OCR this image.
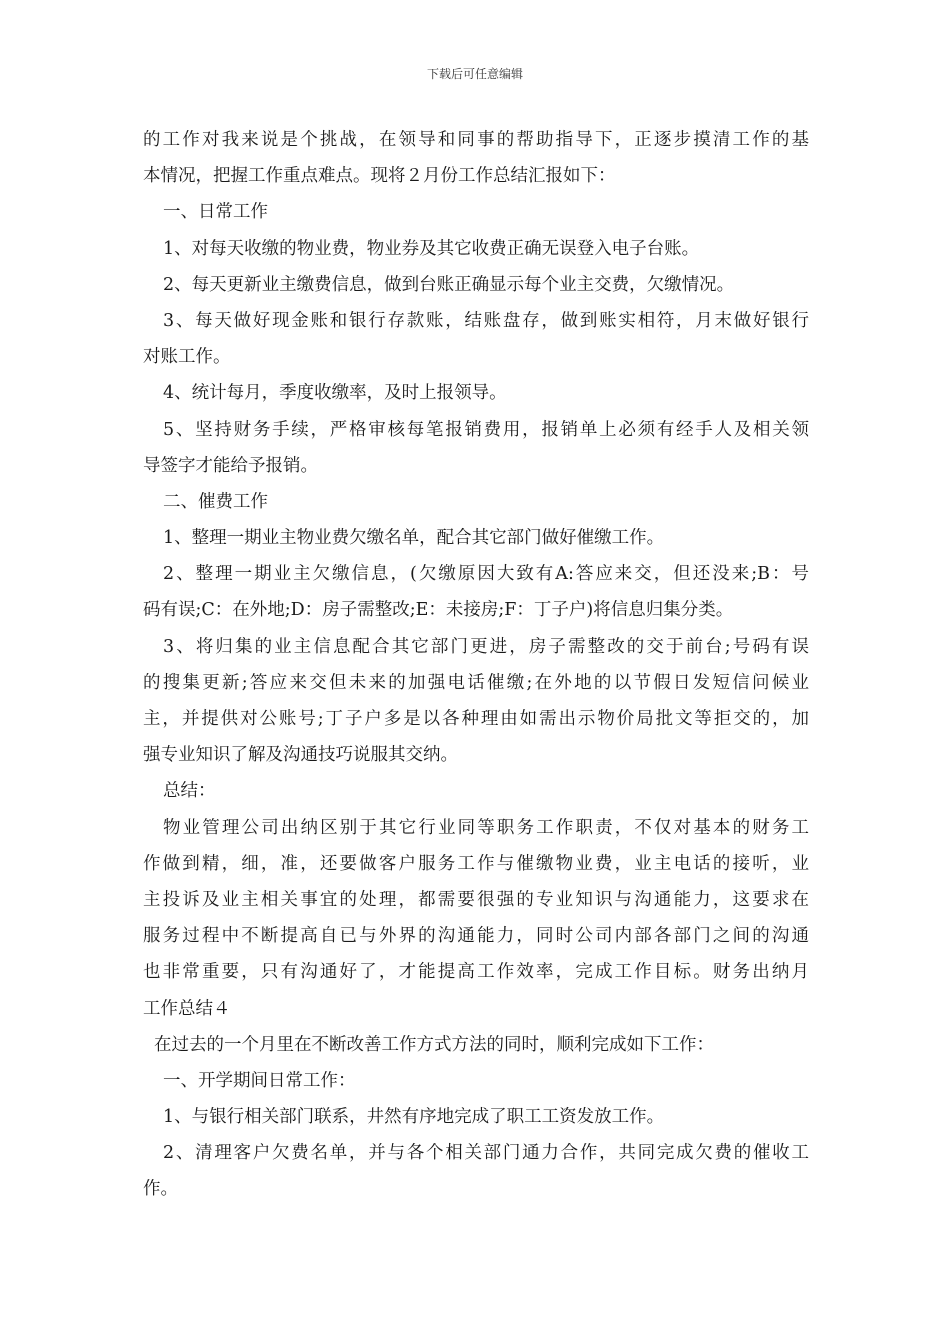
下载后可任意编辑
的工作对我来说是个挑战，在领导和同事的帮助指导下，正逐步摸清工作的基
本情况，把握工作重点难点。现将２月份工作总结汇报如下：
一、日常工作
1、对每天收缴的物业费，物业券及其它收费正确无误登入电子台账。
2、每天更新业主缴费信息，做到台账正确显示每个业主交费，欠缴情况。
3、每天做好现金账和银行存款账，结账盘存，做到账实相符，月末做好银行
对账工作。
4、统计每月，季度收缴率，及时上报领导。
5、坚持财务手续，严格审核每笔报销费用，报销单上必须有经手人及相关领
导签字才能给予报销。
二、催费工作
1、整理一期业主物业费欠缴名单，配合其它部门做好催缴工作。
2、整理一期业主欠缴信息，(欠缴原因大致有A:答应来交，但还没来;B：号
码有误;C：在外地;D：房子需整改;E：未接房;F：丁子户)将信息归集分类。
3、将归集的业主信息配合其它部门更进，房子需整改的交于前台;号码有误
的搜集更新;答应来交但未来的加强电话催缴;在外地的以节假日发短信问候业
主，并提供对公账号;丁子户多是以各种理由如需出示物价局批文等拒交的，加
强专业知识了解及沟通技巧说服其交纳。
总结：
物业管理公司出纳区别于其它行业同等职务工作职责，不仅对基本的财务工
作做到精，细，准，还要做客户服务工作与催缴物业费，业主电话的接听，业
主投诉及业主相关事宜的处理，都需要很强的专业知识与沟通能力，这要求在
服务过程中不断提高自已与外界的沟通能力，同时公司内部各部门之间的沟通
也非常重要，只有沟通好了，才能提高工作效率，完成工作目标。财务出纳月
工作总结４
在过去的一个月里在不断改善工作方式方法的同时，顺利完成如下工作：
一、开学期间日常工作：
1、与银行相关部门联系，井然有序地完成了职工工资发放工作。
2、清理客户欠费名单，并与各个相关部门通力合作，共同完成欠费的催收工
作。
